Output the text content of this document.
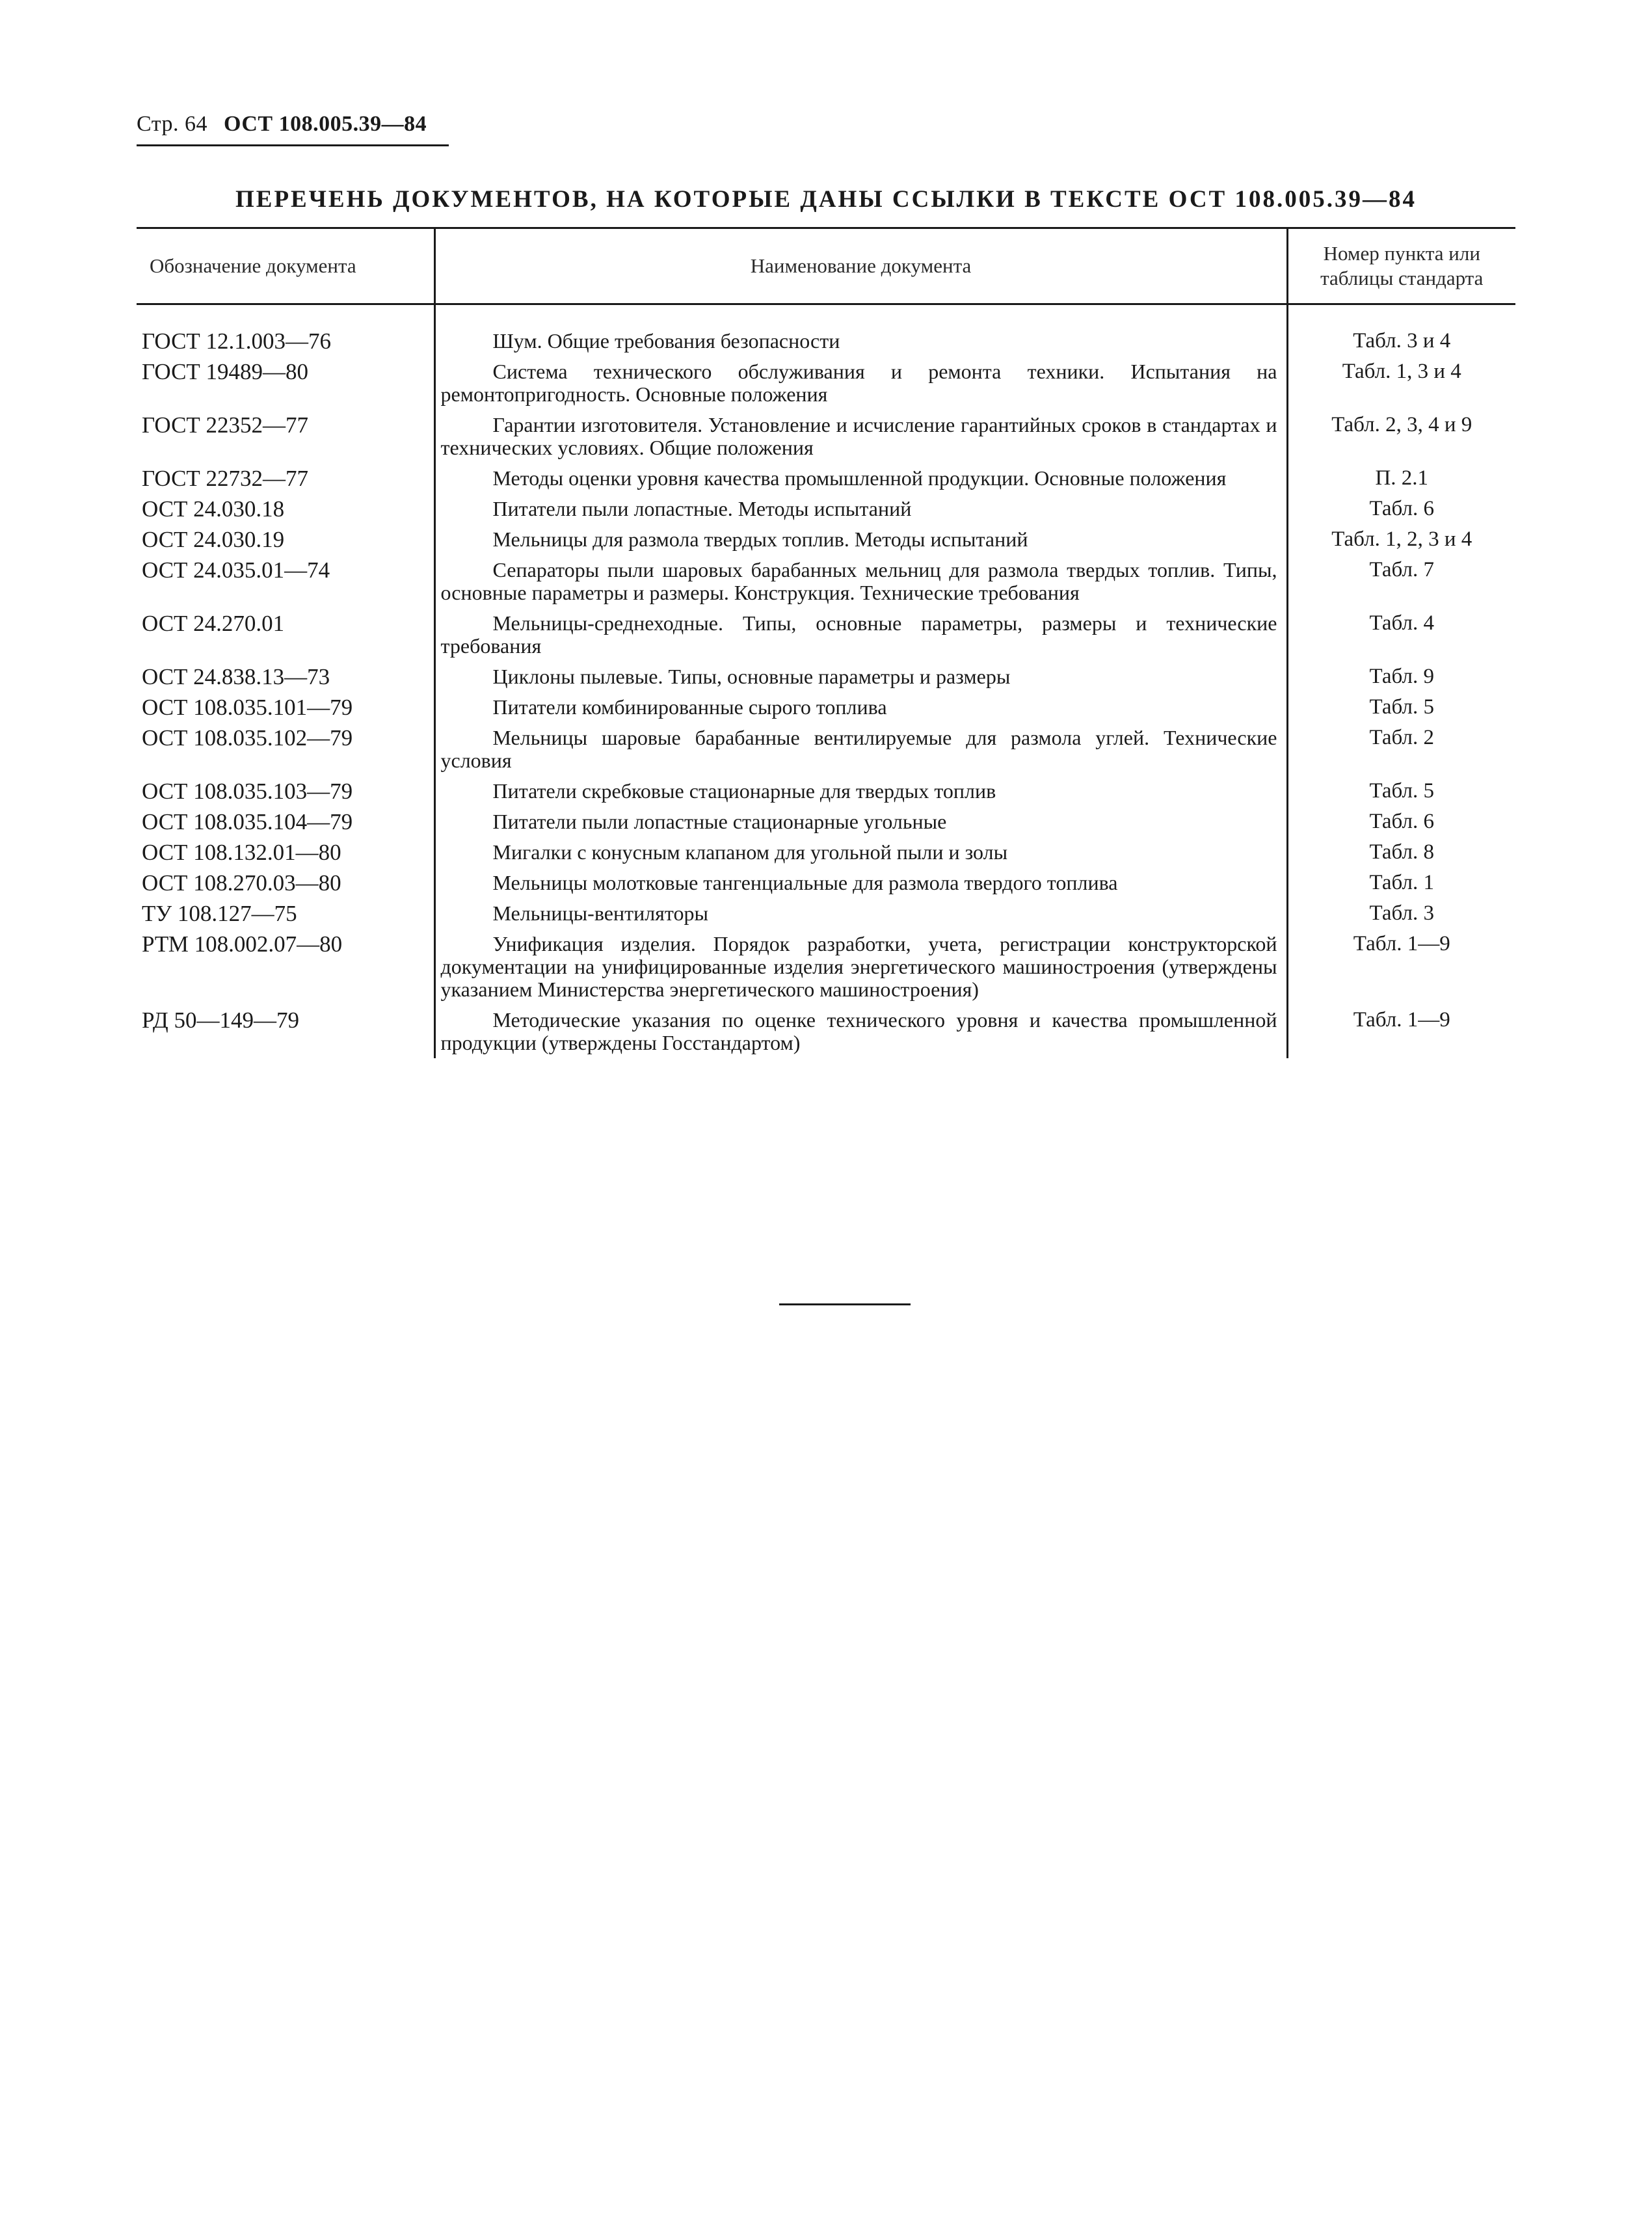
Стр. 64 ОСТ 108.005.39—84
ПЕРЕЧЕНЬ ДОКУМЕНТОВ, НА КОТОРЫЕ ДАНЫ ССЫЛКИ В ТЕКСТЕ ОСТ 108.005.39—84
Обозначение документа	Наименование документа	Номер пункта или
таблицы стандарта
ГОСТ 12.1.003—76	Шум. Общие требования безопасности	Табл. 3 и 4
ГОСТ 19489—80	Система технического обслуживания и ремонта техники. Испытания на ремонтопригодность. Основные положения	Табл. 1, 3 и 4
ГОСТ 22352—77	Гарантии изготовителя. Установление и исчисление гарантийных сроков в стандартах и технических условиях. Общие положения	Табл. 2, 3, 4 и 9
ГОСТ 22732—77	Методы оценки уровня качества промышленной продукции. Основные положения	П. 2.1
ОСТ 24.030.18	Питатели пыли лопастные. Методы испытаний	Табл. 6
ОСТ 24.030.19	Мельницы для размола твердых топлив. Методы испытаний	Табл. 1, 2, 3 и 4
ОСТ 24.035.01—74	Сепараторы пыли шаровых барабанных мельниц для размола твердых топлив. Типы, основные параметры и размеры. Конструкция. Технические требования	Табл. 7
ОСТ 24.270.01	Мельницы-среднеходные. Типы, основные параметры, размеры и технические требования	Табл. 4
ОСТ 24.838.13—73	Циклоны пылевые. Типы, основные параметры и размеры	Табл. 9
ОСТ 108.035.101—79	Питатели комбинированные сырого топлива	Табл. 5
ОСТ 108.035.102—79	Мельницы шаровые барабанные вентилируемые для размола углей. Технические условия	Табл. 2
ОСТ 108.035.103—79	Питатели скребковые стационарные для твердых топлив	Табл. 5
ОСТ 108.035.104—79	Питатели пыли лопастные стационарные угольные	Табл. 6
ОСТ 108.132.01—80	Мигалки с конусным клапаном для угольной пыли и золы	Табл. 8
ОСТ 108.270.03—80	Мельницы молотковые тангенциальные для размола твердого топлива	Табл. 1
ТУ 108.127—75	Мельницы-вентиляторы	Табл. 3
РТМ 108.002.07—80	Унификация изделия. Порядок разработки, учета, регистрации конструкторской документации на унифицированные изделия энергетического машиностроения (утверждены указанием Министерства энергетического машиностроения)	Табл. 1—9
РД 50—149—79	Методические указания по оценке технического уровня и качества промышленной продукции (утверждены Госстандартом)	Табл. 1—9
